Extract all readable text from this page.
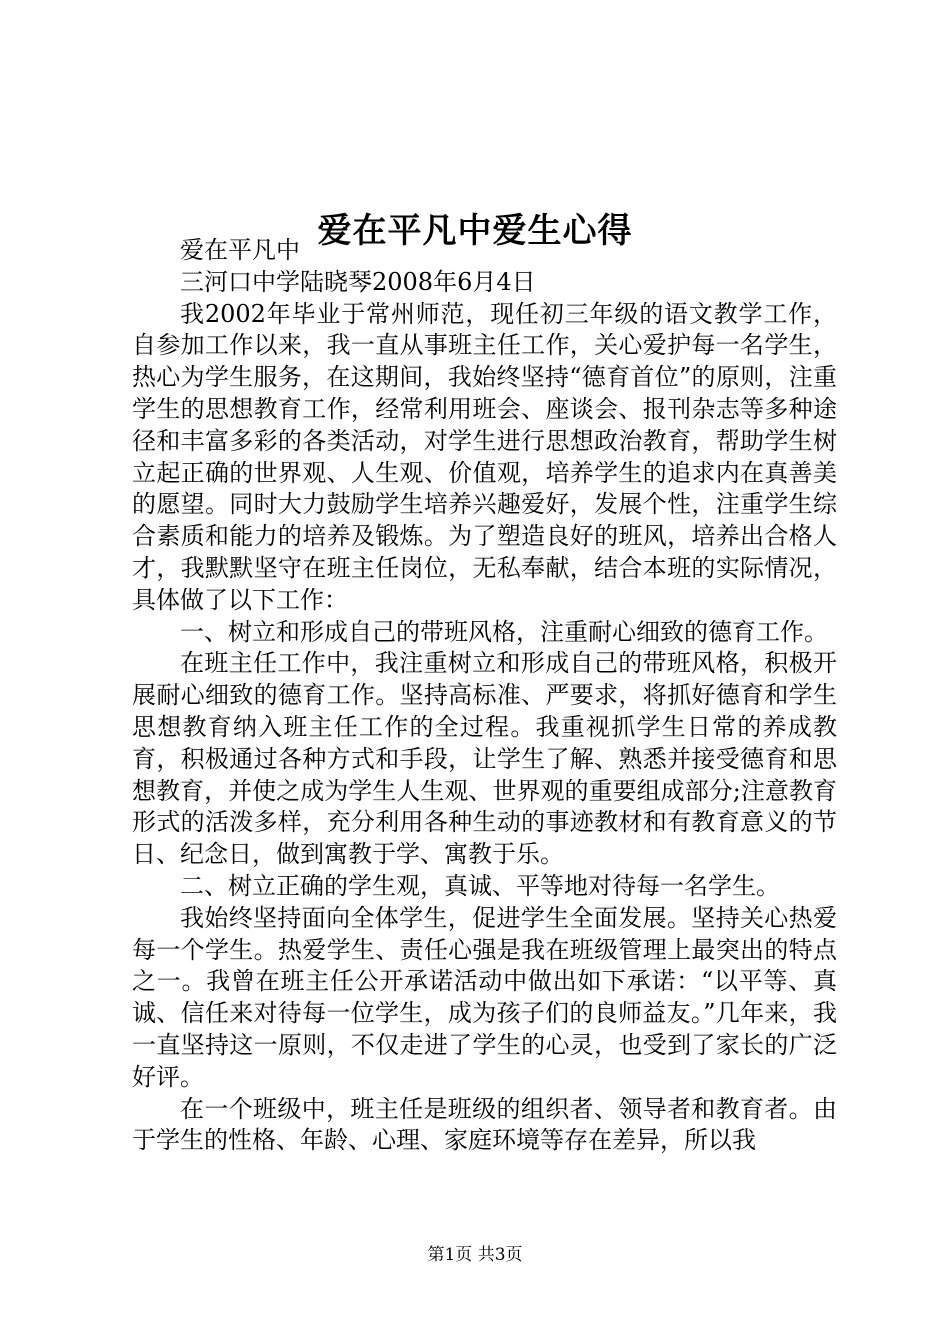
爱在平凡中爱生心得

爱在平凡中

三河口中学陆晓琴2008年6月4日

我2002年毕业于常州师范，现任初三年级的语文教学工作，自参加工作以来，我一直从事班主任工作，关心爱护每一名学生，热心为学生服务，在这期间，我始终坚持“德育首位”的原则，注重学生的思想教育工作，经常利用班会、座谈会、报刊杂志等多种途径和丰富多彩的各类活动，对学生进行思想政治教育，帮助学生树立起正确的世界观、人生观、价值观，培养学生的追求内在真善美的愿望。同时大力鼓励学生培养兴趣爱好，发展个性，注重学生综合素质和能力的培养及锻炼。为了塑造良好的班风，培养出合格人才，我默默坚守在班主任岗位，无私奉献，结合本班的实际情况，具体做了以下工作：

一、树立和形成自己的带班风格，注重耐心细致的德育工作。

在班主任工作中，我注重树立和形成自己的带班风格，积极开展耐心细致的德育工作。坚持高标准、严要求，将抓好德育和学生思想教育纳入班主任工作的全过程。我重视抓学生日常的养成教育，积极通过各种方式和手段，让学生了解、熟悉并接受德育和思想教育，并使之成为学生人生观、世界观的重要组成部分;注意教育形式的活泼多样，充分利用各种生动的事迹教材和有教育意义的节日、纪念日，做到寓教于学、寓教于乐。

二、树立正确的学生观，真诚、平等地对待每一名学生。

我始终坚持面向全体学生，促进学生全面发展。坚持关心热爱每一个学生。热爱学生、责任心强是我在班级管理上最突出的特点之一。我曾在班主任公开承诺活动中做出如下承诺：“以平等、真诚、信任来对待每一位学生，成为孩子们的良师益友。”几年来，我一直坚持这一原则，不仅走进了学生的心灵，也受到了家长的广泛好评。

在一个班级中，班主任是班级的组织者、领导者和教育者。由于学生的性格、年龄、心理、家庭环境等存在差异，所以我

第1页 共3页
